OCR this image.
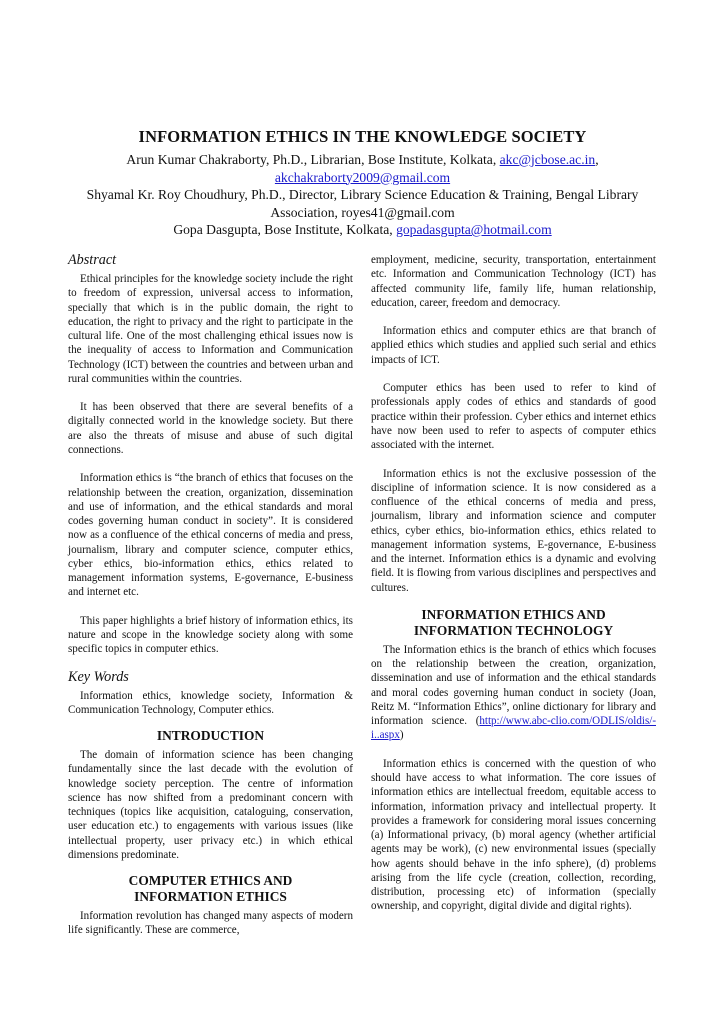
INFORMATION ETHICS IN THE KNOWLEDGE SOCIETY
Arun Kumar Chakraborty, Ph.D., Librarian, Bose Institute, Kolkata, akc@jcbose.ac.in,
akchakraborty2009@gmail.com
Shyamal Kr. Roy Choudhury, Ph.D., Director, Library Science Education & Training, Bengal Library Association, royes41@gmail.com
Gopa Dasgupta, Bose Institute, Kolkata, gopadasgupta@hotmail.com
Abstract

Ethical principles for the knowledge society include the right to freedom of expression, universal access to information, specially that which is in the public domain, the right to education, the right to privacy and the right to participate in the cultural life. One of the most challenging ethical issues now is the inequality of access to Information and Communication Technology (ICT) between the countries and between urban and rural communities within the countries.

It has been observed that there are several benefits of a digitally connected world in the knowledge society. But there are also the threats of misuse and abuse of such digital connections.

Information ethics is “the branch of ethics that focuses on the relationship between the creation, organization, dissemination and use of information, and the ethical standards and moral codes governing human conduct in society”. It is considered now as a confluence of the ethical concerns of media and press, journalism, library and computer science, computer ethics, cyber ethics, bio-information ethics, ethics related to management information systems, E-governance, E-business and internet etc.

This paper highlights a brief history of information ethics, its nature and scope in the knowledge society along with some specific topics in computer ethics.

Key Words

Information ethics, knowledge society, Information & Communication Technology, Computer ethics.

INTRODUCTION

The domain of information science has been changing fundamentally since the last decade with the evolution of knowledge society perception. The centre of information science has now shifted from a predominant concern with techniques (topics like acquisition, cataloguing, conservation, user education etc.) to engagements with various issues (like intellectual property, user privacy etc.) in which ethical dimensions predominate.

COMPUTER ETHICS AND
INFORMATION ETHICS

Information revolution has changed many aspects of modern life significantly. These are commerce,

employment, medicine, security, transportation, entertainment etc. Information and Communication Technology (ICT) has affected community life, family life, human relationship, education, career, freedom and democracy.

Information ethics and computer ethics are that branch of applied ethics which studies and applied such serial and ethics impacts of ICT.

Computer ethics has been used to refer to kind of professionals apply codes of ethics and standards of good practice within their profession. Cyber ethics and internet ethics have now been used to refer to aspects of computer ethics associated with the internet.

Information ethics is not the exclusive possession of the discipline of information science. It is now considered as a confluence of the ethical concerns of media and press, journalism, library and information science and computer ethics, cyber ethics, bio-information ethics, ethics related to management information systems, E-governance, E-business and the internet. Information ethics is a dynamic and evolving field. It is flowing from various disciplines and perspectives and cultures.

INFORMATION ETHICS AND
INFORMATION TECHNOLOGY

The Information ethics is the branch of ethics which focuses on the relationship between the creation, organization, dissemination and use of information and the ethical standards and moral codes governing human conduct in society (Joan, Reitz M. “Information Ethics”, online dictionary for library and information science. (http://www.abc-clio.com/ODLIS/oldis/-i..aspx)

Information ethics is concerned with the question of who should have access to what information. The core issues of information ethics are intellectual freedom, equitable access to information, information privacy and intellectual property. It provides a framework for considering moral issues concerning (a) Informational privacy, (b) moral agency (whether artificial agents may be work), (c) new environmental issues (specially how agents should behave in the info sphere), (d) problems arising from the life cycle (creation, collection, recording, distribution, processing etc) of information (specially ownership, and copyright, digital divide and digital rights).
